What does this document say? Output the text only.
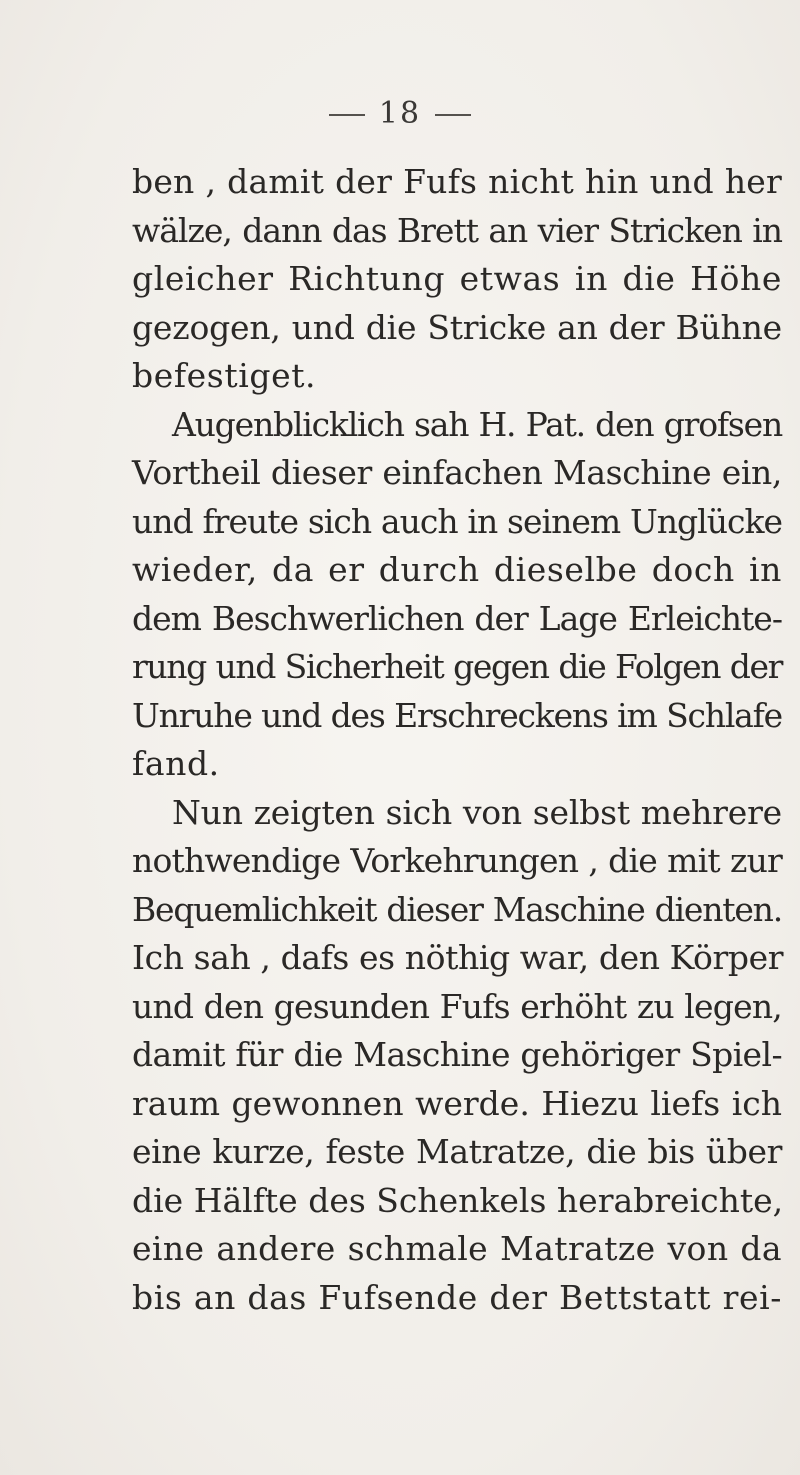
18
ben , damit der Fufs nicht hin und her
wälze, dann das Brett an vier Stricken in
gleicher Richtung etwas in die Höhe
gezogen, und die Stricke an der Bühne
befestiget.
Augenblicklich sah H. Pat. den grofsen
Vortheil dieser einfachen Maschine ein,
und freute sich auch in seinem Unglücke
wieder, da er durch dieselbe doch in
dem Beschwerlichen der Lage Erleichte-
rung und Sicherheit gegen die Folgen der
Unruhe und des Erschreckens im Schlafe
fand.
Nun zeigten sich von selbst mehrere
nothwendige Vorkehrungen , die mit zur
Bequemlichkeit dieser Maschine dienten.
Ich sah , dafs es nöthig war, den Körper
und den gesunden Fufs erhöht zu legen,
damit für die Maschine gehöriger Spiel-
raum gewonnen werde. Hiezu liefs ich
eine kurze, feste Matratze, die bis über
die Hälfte des Schenkels herabreichte,
eine andere schmale Matratze von da
bis an das Fufsende der Bettstatt rei-
